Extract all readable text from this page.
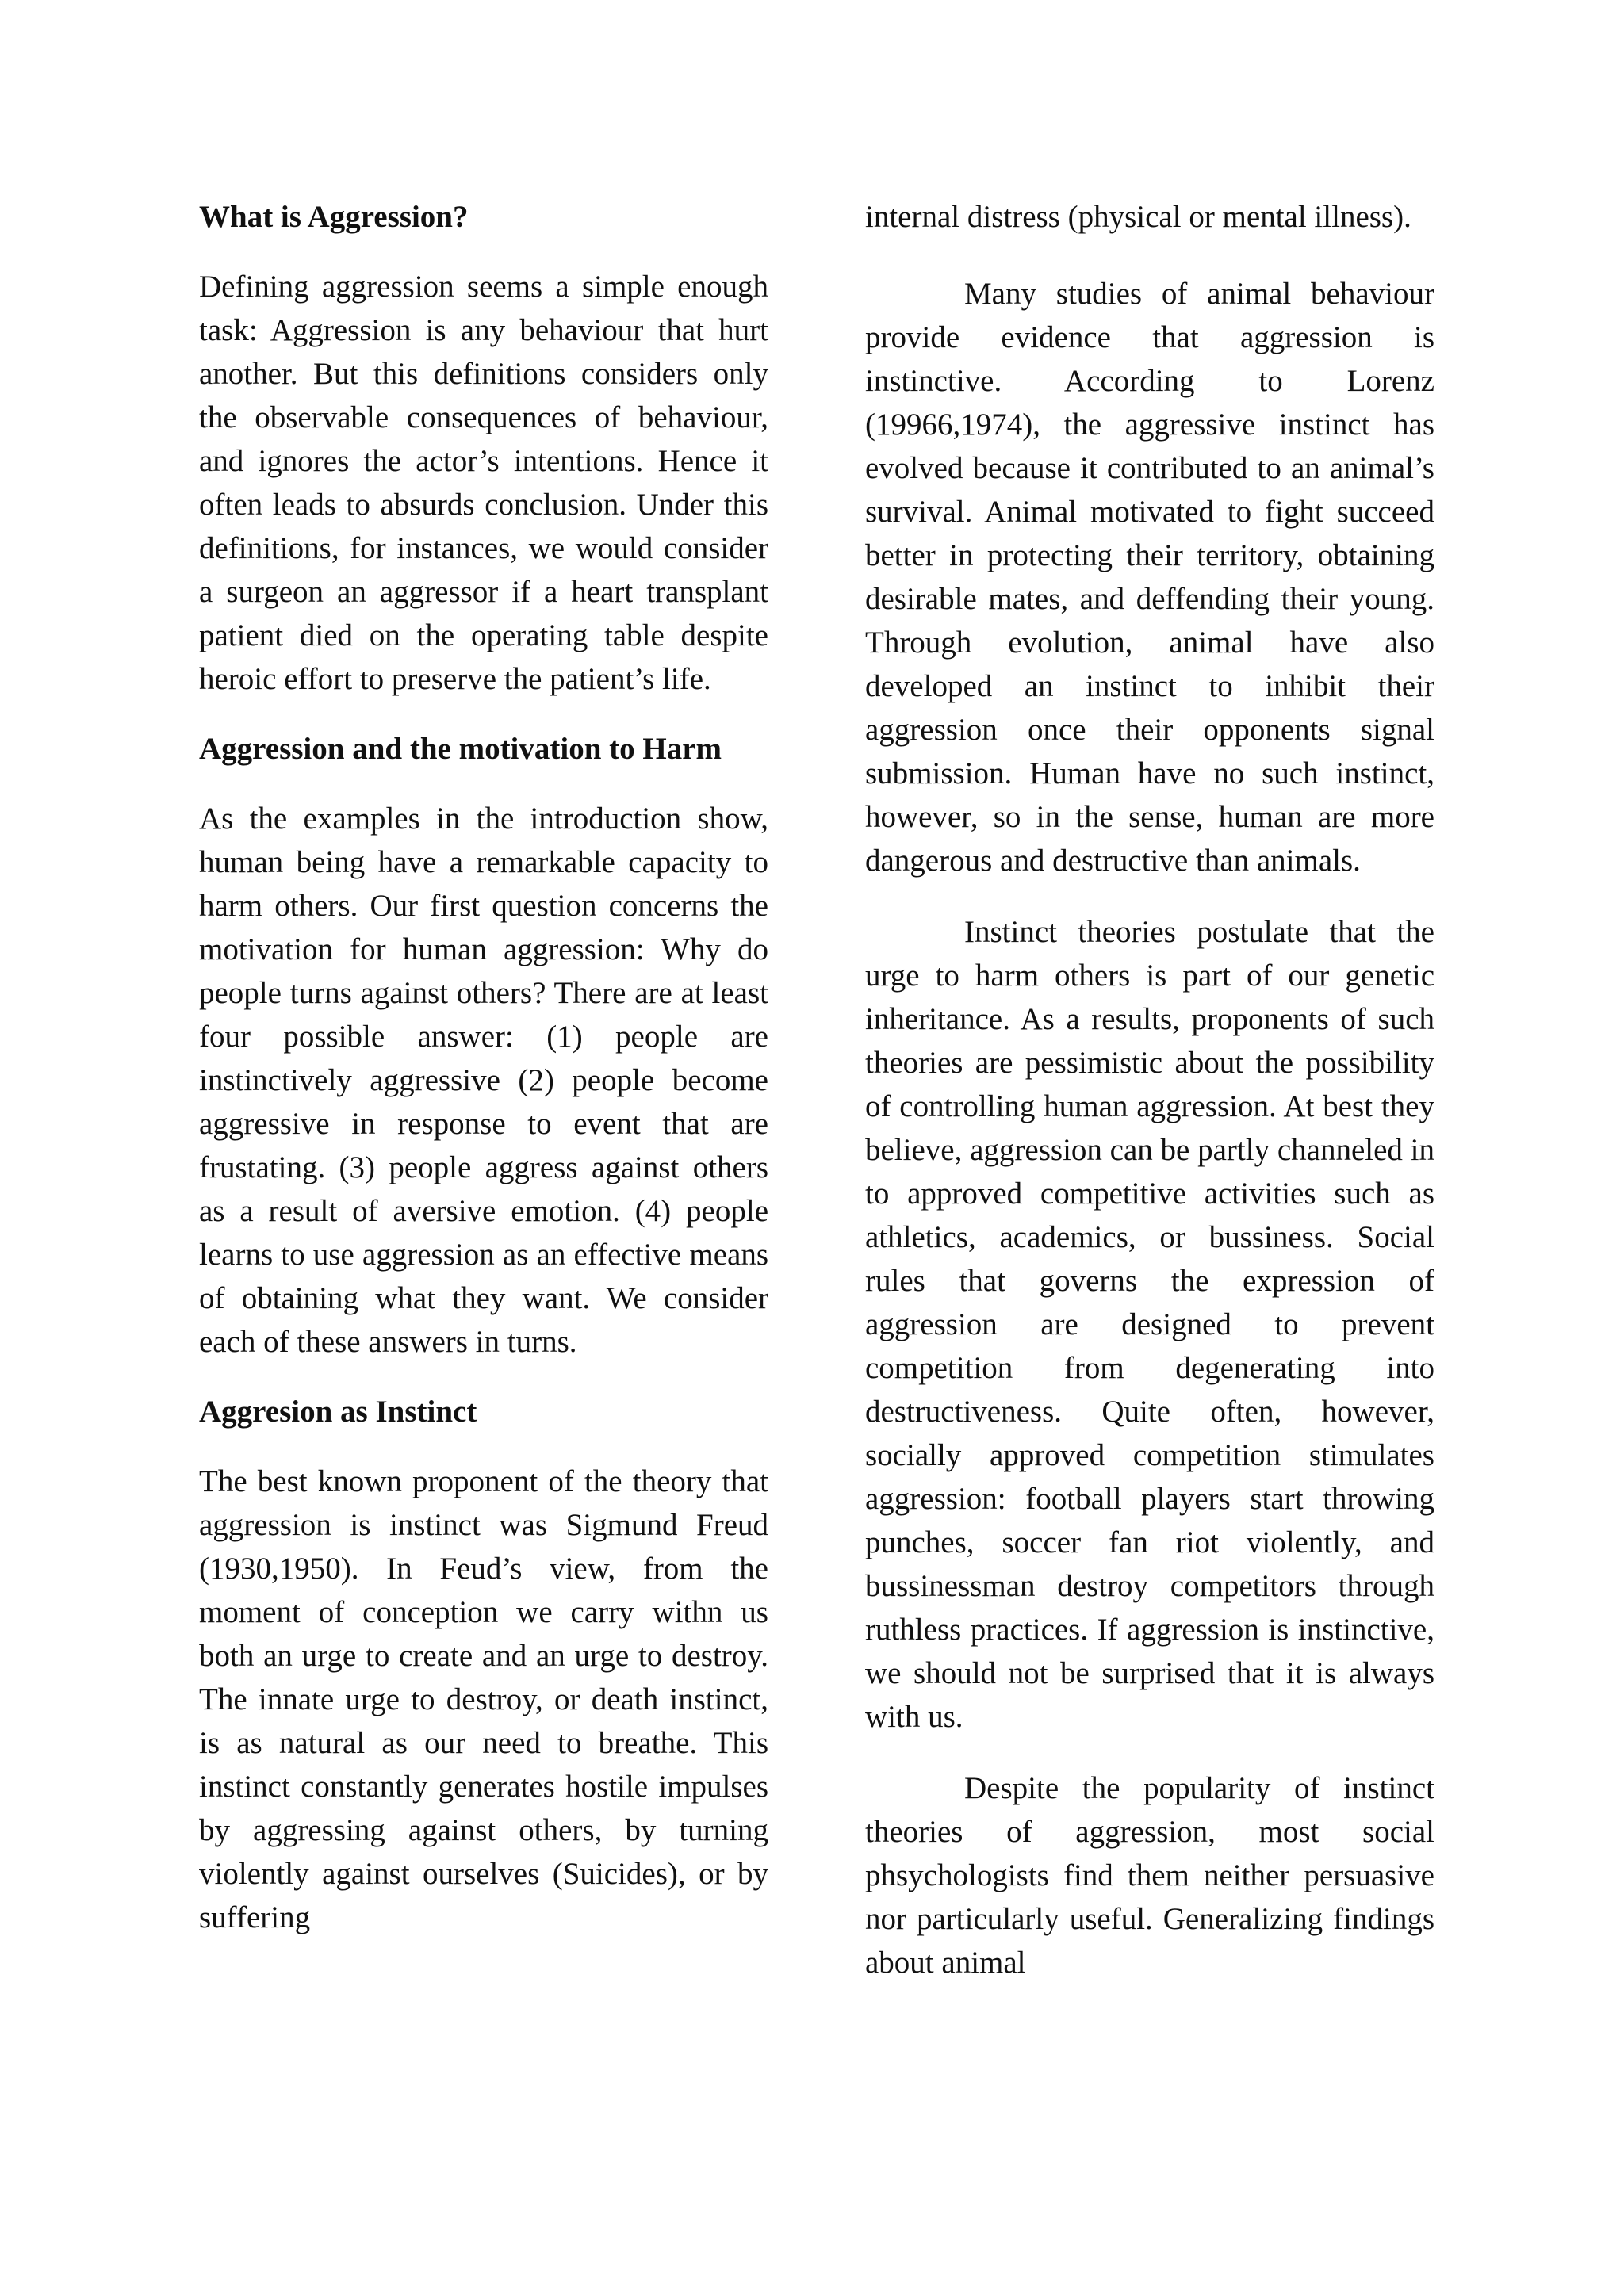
What is Aggression?

Defining aggression seems a simple enough task: Aggression is any behaviour that hurt another. But this definitions considers only the observable consequences of behaviour, and ignores the actor’s intentions. Hence it often leads to absurds conclusion. Under this definitions, for instances, we would consider a surgeon an aggressor if a heart transplant patient died on the operating table despite heroic effort to preserve the patient’s life.

Aggression and the motivation to Harm

As the examples in the introduction show, human being have a remarkable capacity to harm others. Our first question concerns the motivation for human aggression: Why do people turns against others? There are at least four possible answer: (1) people are instinctively aggressive (2) people become aggressive in response to event that are frustating. (3) people aggress against others as a result of aversive emotion. (4) people learns to use aggression as an effective means of obtaining what they want. We consider each of these answers in turns.

Aggresion as Instinct

The best known proponent of the theory that aggression is instinct was Sigmund Freud (1930,1950). In Feud’s view, from the moment of conception we carry withn us both an urge to create and an urge to destroy. The innate urge to destroy, or death instinct, is as natural as our need to breathe. This instinct constantly generates hostile impulses by aggressing against others, by turning violently against ourselves (Suicides), or by suffering

internal distress (physical or mental illness).

Many studies of animal behaviour provide evidence that aggression is instinctive. According to Lorenz (19966,1974), the aggressive instinct has evolved because it contributed to an animal’s survival. Animal motivated to fight succeed better in protecting their territory, obtaining desirable mates, and deffending their young. Through evolution, animal have also developed an instinct to inhibit their aggression once their opponents signal submission. Human have no such instinct, however, so in the sense, human are more dangerous and destructive than animals.

Instinct theories postulate that the urge to harm others is part of our genetic inheritance. As a results, proponents of such theories are pessimistic about the possibility of controlling human aggression. At best they believe, aggression can be partly channeled in to approved competitive activities such as athletics, academics, or bussiness. Social rules that governs the expression of aggression are designed to prevent competition from degenerating into destructiveness. Quite often, however, socially approved competition stimulates aggression: football players start throwing punches, soccer fan riot violently, and bussinessman destroy competitors through ruthless practices. If aggression is instinctive, we should not be surprised that it is always with us.

Despite the popularity of instinct theories of aggression, most social phsychologists find them neither persuasive nor particularly useful. Generalizing findings about animal
